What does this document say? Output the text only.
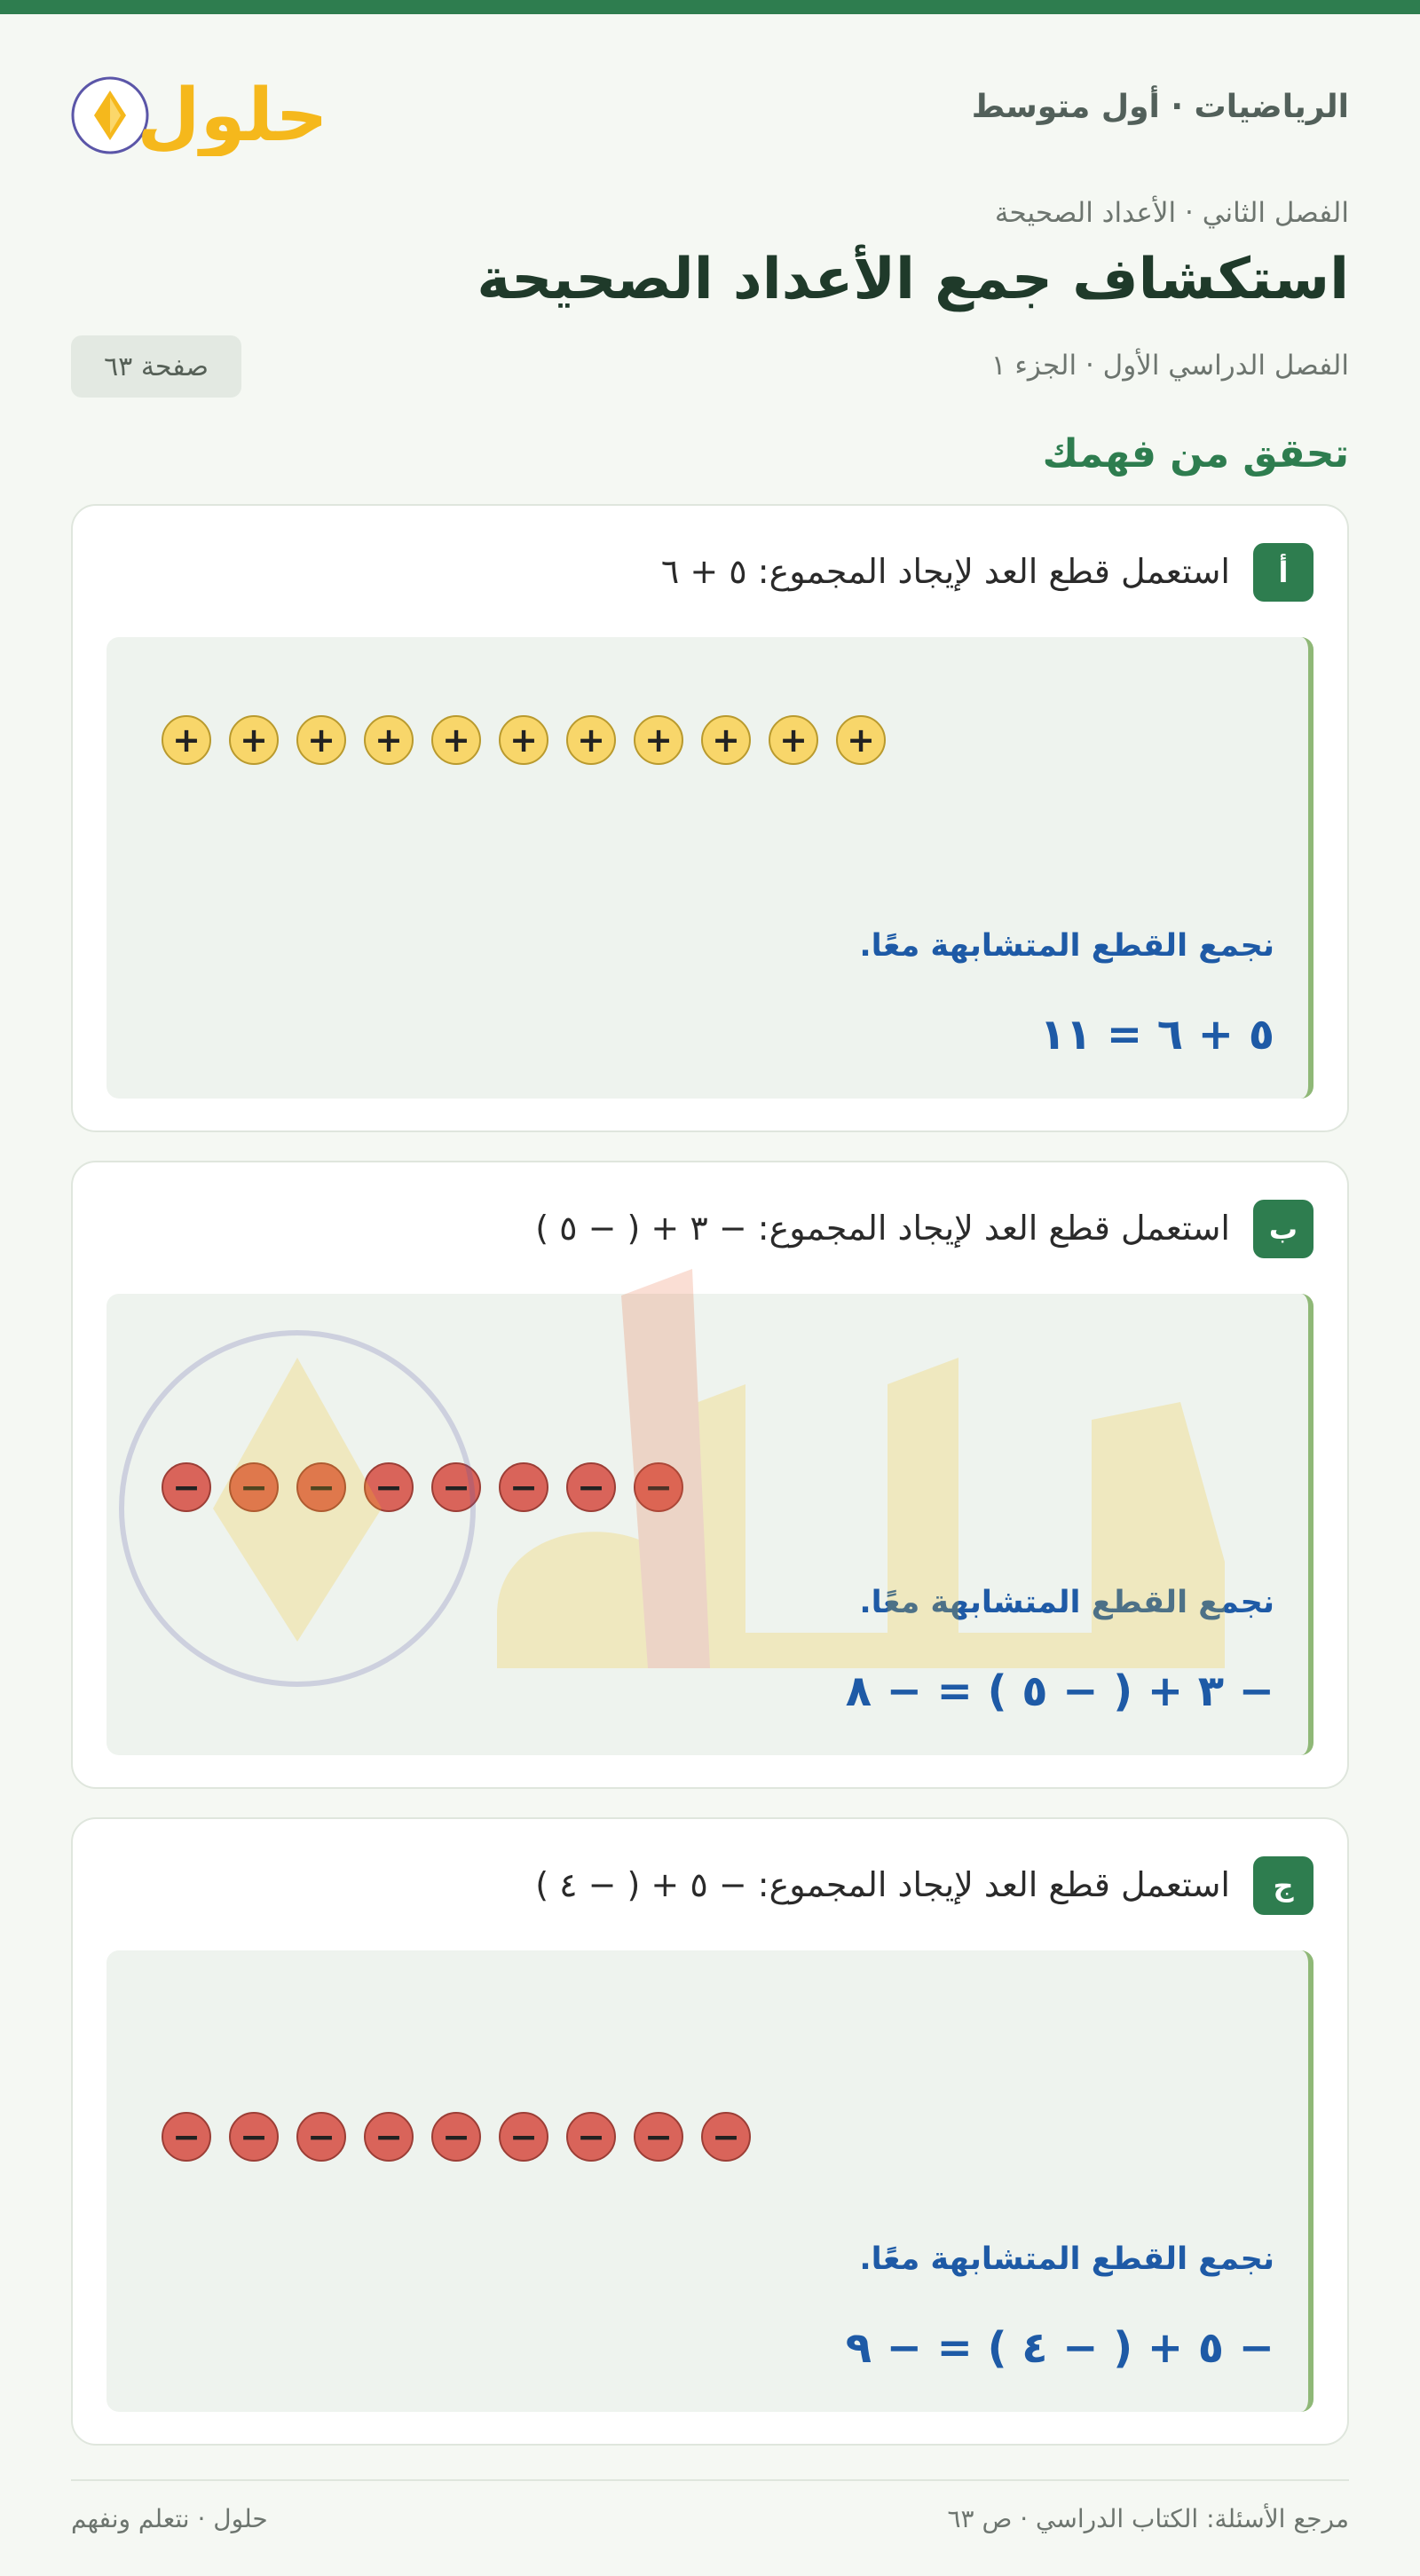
حلول	الرياضيات · أول متوسط
الفصل الثاني · الأعداد الصحيحة
استكشاف جمع الأعداد الصحيحة
الفصل الدراسي الأول · الجزء ١
صفحة ٦٣
تحقق من فهمك
أ
استعمل قطع العد لإيجاد المجموع: ٥ + ٦
+	+	+	+	+	+	+	+	+	+	+
نجمع القطع المتشابهة معًا.
٥ + ٦ = ١١
ب
استعمل قطع العد لإيجاد المجموع: − ٣ + ( − ٥ )
−	−	−	−	−	−	−	−
نجمع القطع المتشابهة معًا.
− ٣ + ( − ٥ ) = − ٨
ج
استعمل قطع العد لإيجاد المجموع: − ٥ + ( − ٤ )
−	−	−	−	−	−	−	−	−
نجمع القطع المتشابهة معًا.
− ٥ + ( − ٤ ) = − ٩
مرجع الأسئلة: الكتاب الدراسي · ص ٦٣
حلول · نتعلم ونفهم
